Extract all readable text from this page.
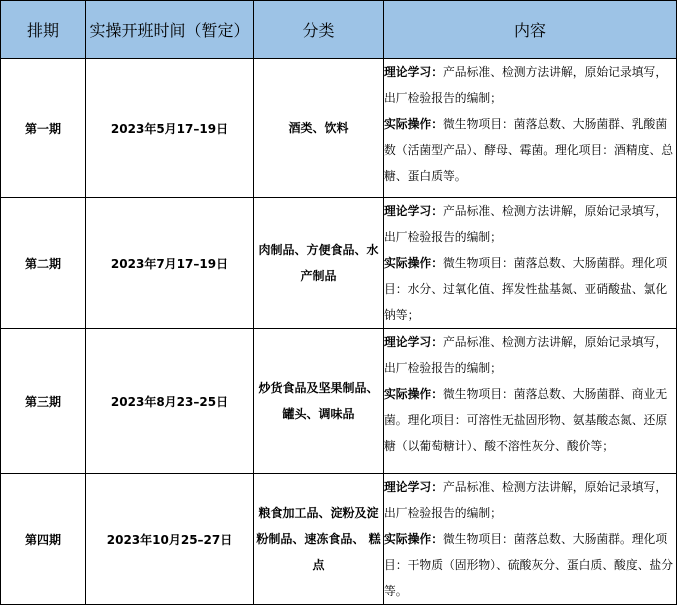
排期	实操开班时间（暂定）	分类	内容
第一期	2023年5月17–19日	酒类、饮料	理论学习：产品标准、检测方法讲解，原始记录填写，出厂检验报告的编制；

实际操作：微生物项目：菌落总数、大肠菌群、乳酸菌数（活菌型产品）、酵母、霉菌。理化项目：酒精度、总糖、蛋白质等。

第二期	2023年7月17–19日	肉制品、方便食品、水产制品	理论学习：产品标准、检测方法讲解，原始记录填写，出厂检验报告的编制；

实际操作：微生物项目：菌落总数、大肠菌群。理化项目：水分、过氧化值、挥发性盐基氮、亚硝酸盐、氯化钠等；

第三期	2023年8月23–25日	炒货食品及坚果制品、罐头、调味品	理论学习：产品标准、检测方法讲解，原始记录填写，出厂检验报告的编制；

实际操作：微生物项目：菌落总数、大肠菌群、商业无菌。理化项目：可溶性无盐固形物、氨基酸态氮、还原糖（以葡萄糖计）、酸不溶性灰分、酸价等；

第四期	2023年10月25–27日	粮食加工品、淀粉及淀粉制品、速冻食品、 糕点	理论学习：产品标准、检测方法讲解，原始记录填写，出厂检验报告的编制；

实际操作：微生物项目：菌落总数、大肠菌群。理化项目：干物质（固形物）、硫酸灰分、蛋白质、酸度、盐分等。
